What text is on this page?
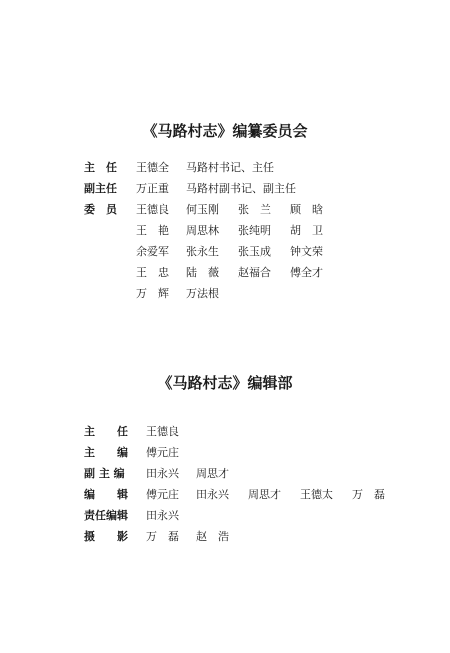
《马路村志》编纂委员会
主　任 王德全 马路村书记、主任
副主任 万正重 马路村副书记、副主任
委　员 王德良 何玉刚 张　兰 顾　晗
王　艳 周思林 张纯明 胡　卫
余爱军 张永生 张玉成 钟文荣
王　忠 陆　薇 赵福合 傅全才
万　辉 万法根
《马路村志》编辑部
主　　任 王德良
主　　编 傅元庄
副 主 编 田永兴 周思才
编　　辑 傅元庄 田永兴 周思才 王德太 万　磊
责任编辑 田永兴
摄　　影 万　磊 赵　浩
